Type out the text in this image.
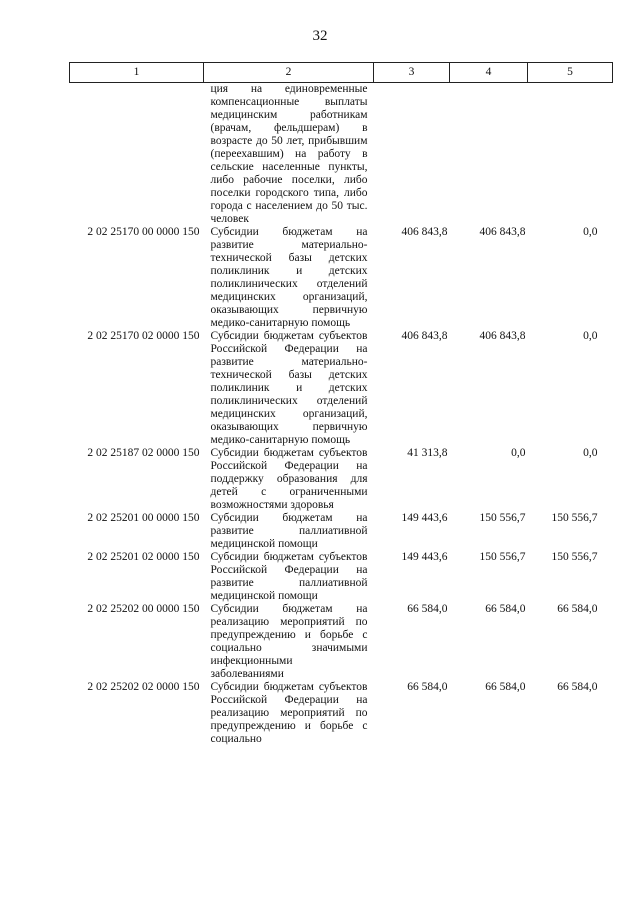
32
1	2	3	4	5
	ция на единовременные компенсационные выплаты медицинским работникам (врачам, фельдшерам) в возрасте до 50 лет, прибывшим (переехавшим) на работу в сельские населенные пункты, либо рабочие поселки, либо поселки городского типа, либо города с населением до 50 тыс. человек			
2 02 25170 00 0000 150	Субсидии бюджетам на развитие материально-технической базы детских поликлиник и детских поликлинических отделений медицинских организаций, оказывающих первичную медико-санитарную помощь	406 843,8	406 843,8	0,0
2 02 25170 02 0000 150	Субсидии бюджетам субъектов Российской Федерации на развитие материально-технической базы детских поликлиник и детских поликлинических отделений медицинских организаций, оказывающих первичную медико-санитарную помощь	406 843,8	406 843,8	0,0
2 02 25187 02 0000 150	Субсидии бюджетам субъектов Российской Федерации на поддержку образования для детей с ограниченными возможностями здоровья	41 313,8	0,0	0,0
2 02 25201 00 0000 150	Субсидии бюджетам на развитие паллиативной медицинской помощи	149 443,6	150 556,7	150 556,7
2 02 25201 02 0000 150	Субсидии бюджетам субъектов Российской Федерации на развитие паллиативной медицинской помощи	149 443,6	150 556,7	150 556,7
2 02 25202 00 0000 150	Субсидии бюджетам на реализацию мероприятий по предупреждению и борьбе с социально значимыми инфекционными заболеваниями	66 584,0	66 584,0	66 584,0
2 02 25202 02 0000 150	Субсидии бюджетам субъектов Российской Федерации на реализацию мероприятий по предупреждению и борьбе с социально	66 584,0	66 584,0	66 584,0
